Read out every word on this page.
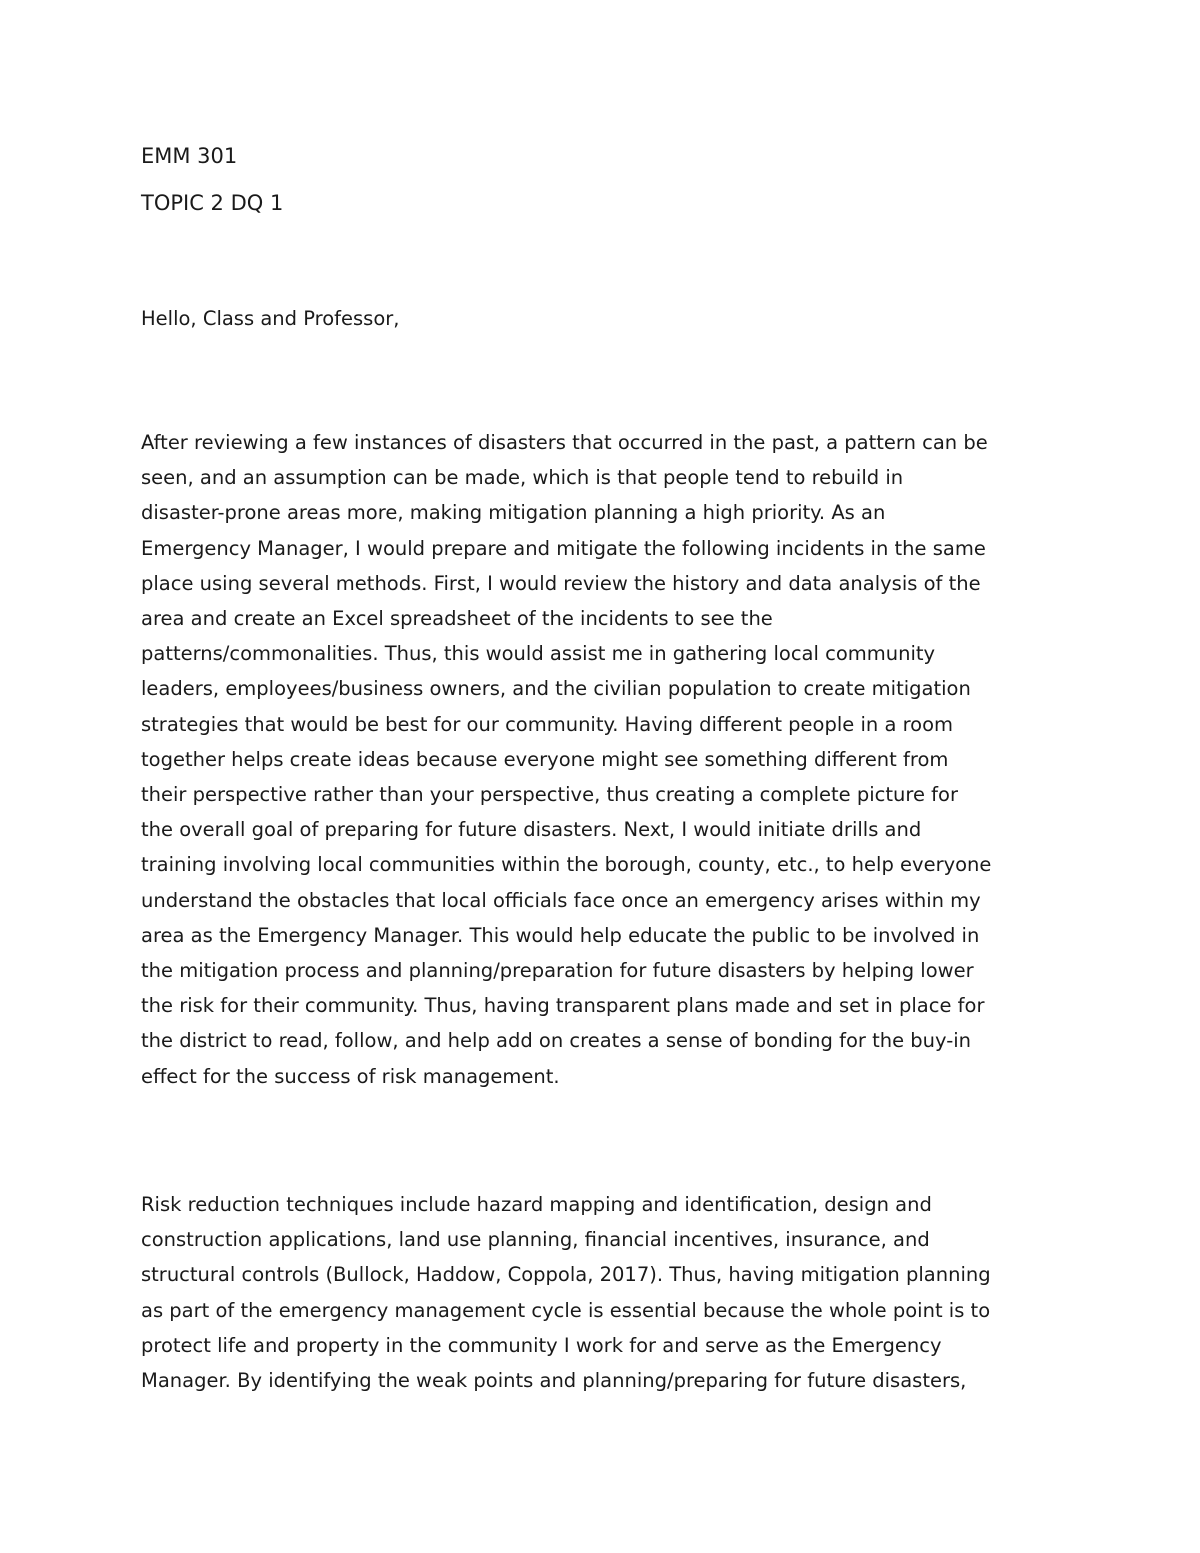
EMM 301
TOPIC 2 DQ 1

Hello, Class and Professor,

After reviewing a few instances of disasters that occurred in the past, a pattern can be
seen, and an assumption can be made, which is that people tend to rebuild in
disaster-prone areas more, making mitigation planning a high priority. As an
Emergency Manager, I would prepare and mitigate the following incidents in the same
place using several methods. First, I would review the history and data analysis of the
area and create an Excel spreadsheet of the incidents to see the
patterns/commonalities. Thus, this would assist me in gathering local community
leaders, employees/business owners, and the civilian population to create mitigation
strategies that would be best for our community. Having different people in a room
together helps create ideas because everyone might see something different from
their perspective rather than your perspective, thus creating a complete picture for
the overall goal of preparing for future disasters. Next, I would initiate drills and
training involving local communities within the borough, county, etc., to help everyone
understand the obstacles that local officials face once an emergency arises within my
area as the Emergency Manager. This would help educate the public to be involved in
the mitigation process and planning/preparation for future disasters by helping lower
the risk for their community. Thus, having transparent plans made and set in place for
the district to read, follow, and help add on creates a sense of bonding for the buy-in
effect for the success of risk management.

Risk reduction techniques include hazard mapping and identification, design and
construction applications, land use planning, financial incentives, insurance, and
structural controls (Bullock, Haddow, Coppola, 2017). Thus, having mitigation planning
as part of the emergency management cycle is essential because the whole point is to
protect life and property in the community I work for and serve as the Emergency
Manager. By identifying the weak points and planning/preparing for future disasters,
